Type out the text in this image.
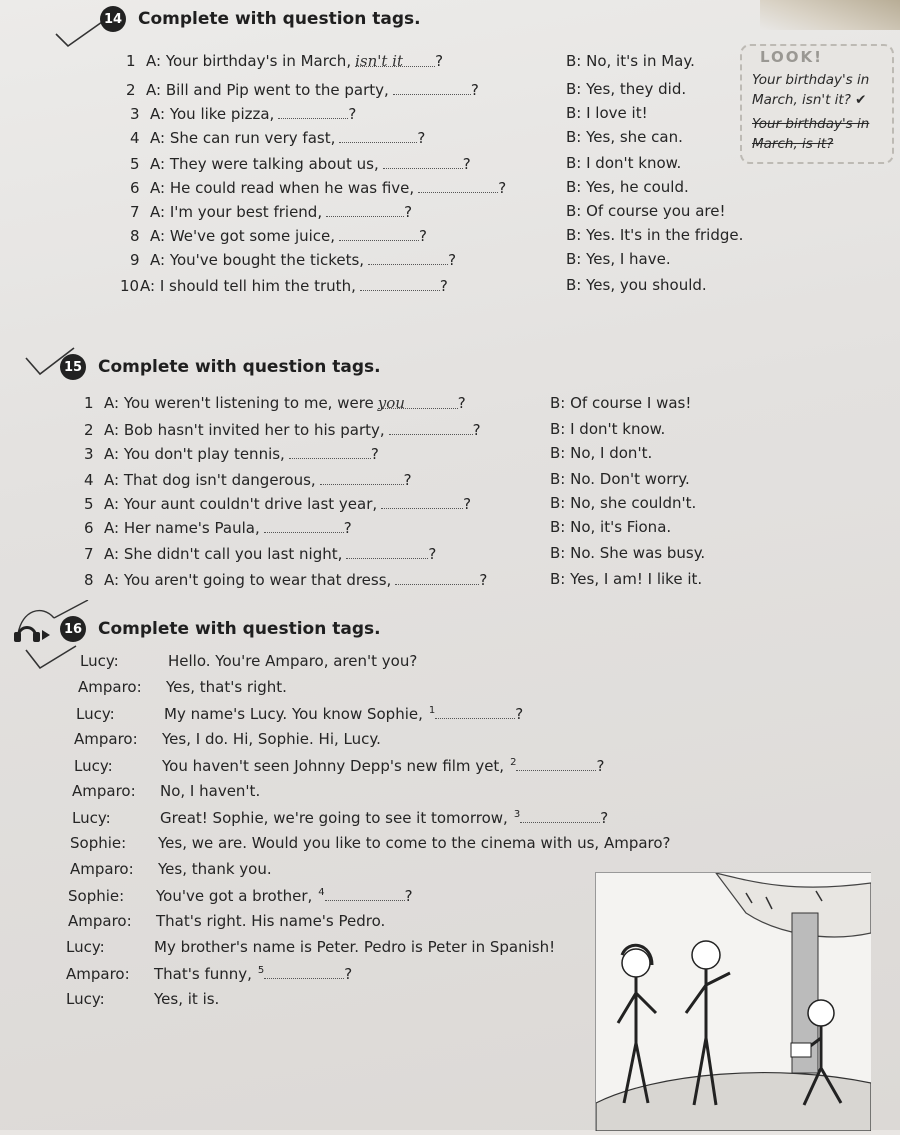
14 Complete with question tags.
1 A: Your birthday's in March, isn't it ?	B: No, it's in May.
2 A: Bill and Pip went to the party,	?	B: Yes, they did.
3 A: You like pizza,	?	B: I love it!
4 A: She can run very fast,	?	B: Yes, she can.
5 A: They were talking about us,	?	B: I don't know.
6 A: He could read when he was five,	?	B: Yes, he could.
7 A: I'm your best friend,	?	B: Of course you are!
8 A: We've got some juice,	?	B: Yes. It's in the fridge.
9 A: You've bought the tickets,	?	B: Yes, I have.
10A: I should tell him the truth,	?	B: Yes, you should.
LOOK!
Your birthday's in
March, isn't it? ✔
Your birthday's in
March, is it?
15 Complete with question tags.
1 A: You weren't listening to me, were you	?	B: Of course I was!
2 A: Bob hasn't invited her to his party,	?	B: I don't know.
3 A: You don't play tennis,	?	B: No, I don't.
4 A: That dog isn't dangerous,	?	B: No. Don't worry.
5 A: Your aunt couldn't drive last year,	?	B: No, she couldn't.
6 A: Her name's Paula,	?	B: No, it's Fiona.
7 A: She didn't call you last night,	?	B: No. She was busy.
8 A: You aren't going to wear that dress,	?	B: Yes, I am! I like it.
16 Complete with question tags.
Lucy:	Hello. You're Amparo, aren't you?
Amparo: Yes, that's right.
Lucy:	My name's Lucy. You know Sophie, $^1$	?
Amparo: Yes, I do. Hi, Sophie. Hi, Lucy.
Lucy:	You haven't seen Johnny Depp's new film yet, $^2$	?
Amparo: No, I haven't.
Lucy:	Great! Sophie, we're going to see it tomorrow, $^3$	?
Sophie: Yes, we are. Would you like to come to the cinema with us, Amparo?
Amparo: Yes, thank you.
Sophie: You've got a brother, $^4$	?
Amparo: That's right. His name's Pedro.
Lucy:	My brother's name is Peter. Pedro is Peter in Spanish!
Amparo: That's funny, $^5$	?
Lucy:	Yes, it is.
